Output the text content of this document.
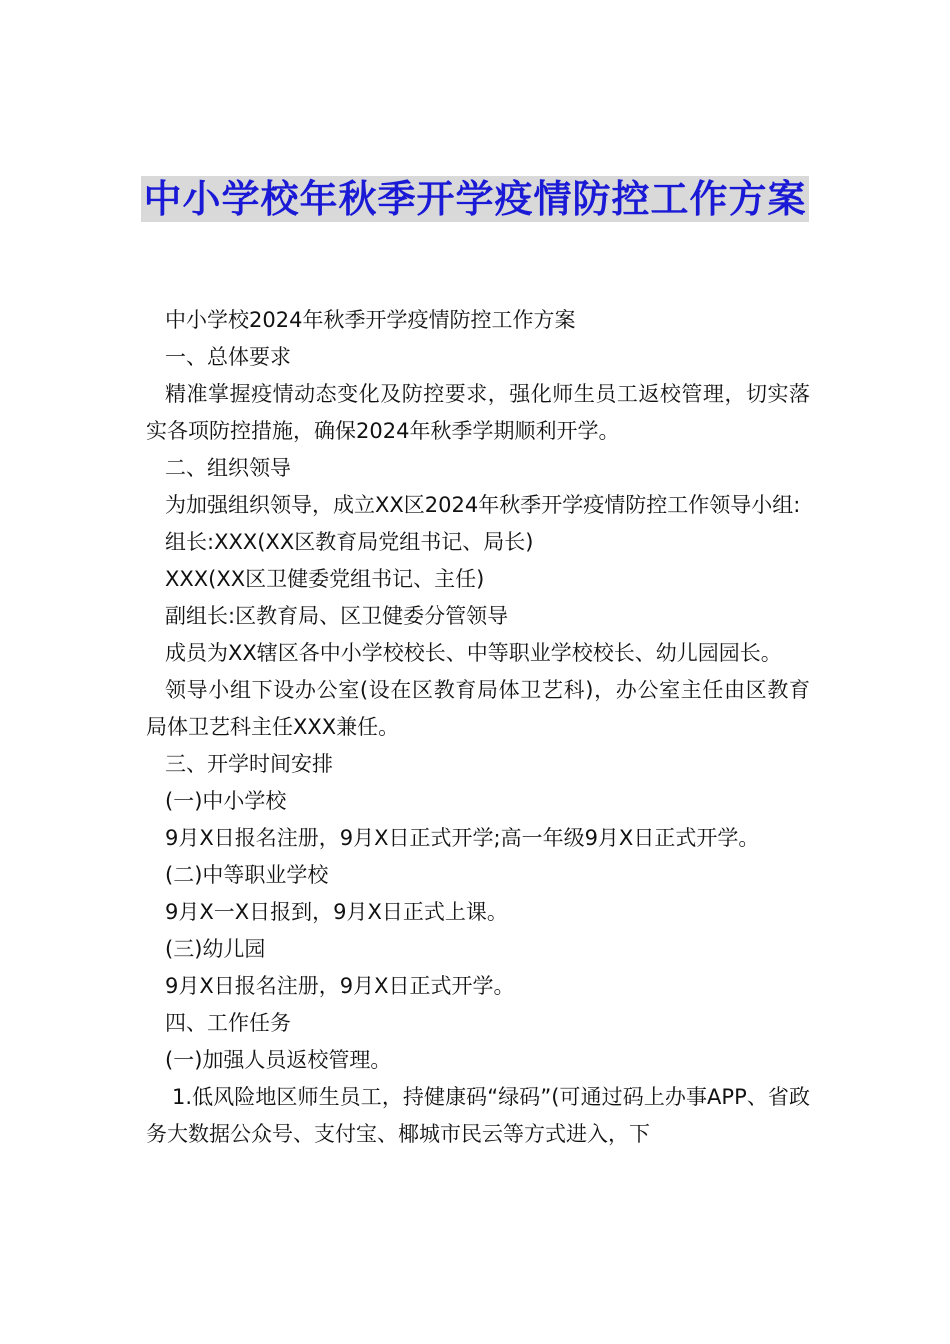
中小学校年秋季开学疫情防控工作方案

中小学校2024年秋季开学疫情防控工作方案

一、总体要求

精准掌握疫情动态变化及防控要求，强化师生员工返校管理，切实落实各项防控措施，确保2024年秋季学期顺利开学。

二、组织领导

为加强组织领导，成立XX区2024年秋季开学疫情防控工作领导小组:

组长:XXX(XX区教育局党组书记、局长)

XXX(XX区卫健委党组书记、主任)

副组长:区教育局、区卫健委分管领导

成员为XX辖区各中小学校校长、中等职业学校校长、幼儿园园长。

领导小组下设办公室(设在区教育局体卫艺科)，办公室主任由区教育局体卫艺科主任XXX兼任。

三、开学时间安排

(一)中小学校

9月X日报名注册，9月X日正式开学;高一年级9月X日正式开学。

(二)中等职业学校

9月X一X日报到，9月X日正式上课。

(三)幼儿园

9月X日报名注册，9月X日正式开学。

四、工作任务

(一)加强人员返校管理。

1.低风险地区师生员工，持健康码“绿码”(可通过码上办事APP、省政务大数据公众号、支付宝、椰城市民云等方式进入，下
